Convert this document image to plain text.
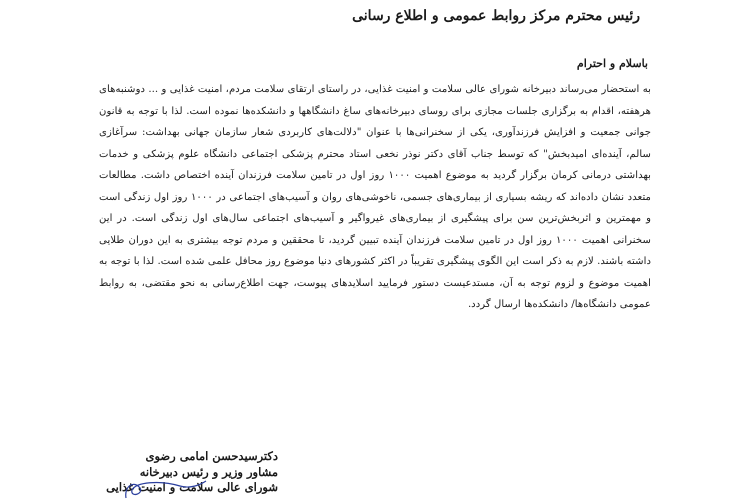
رئیس محترم مرکز روابط عمومی و اطلاع رسانی
باسلام و احترام

به استحضار می‌رساند دبیرخانه شورای عالی سلامت و امنیت غذایی، در راستای ارتقای سلامت مردم، امنیت غذایی و ... دوشنبه‌های هرهفته، اقدام به برگزاری جلسات مجازی برای روسای دبیرخانه‌های ساغ دانشگاهها و دانشکده‌ها نموده است. لذا با توجه به قانون جوانی جمعیت و افزایش فرزندآوری، یکی از سخنرانی‌ها با عنوان "دلالت‌های کاربردی شعار سازمان جهانی بهداشت: سرآغازی سالم، آینده‌ای امیدبخش" که توسط جناب آقای دکتر نوذر نخعی استاد محترم پزشکی اجتماعی دانشگاه علوم پزشکی و خدمات بهداشتی درمانی کرمان برگزار گردید به موضوع اهمیت ۱۰۰۰ روز اول در تامین سلامت فرزندان آینده اختصاص داشت. مطالعات متعدد نشان داده‌اند که ریشه بسیاری از بیماری‌های جسمی، ناخوشی‌های روان و آسیب‌های اجتماعی در ۱۰۰۰ روز اول زندگی است و مهمترین و اثربخش‌ترین سن برای پیشگیری از بیماری‌های غیرواگیر و آسیب‌های اجتماعی سال‌های اول زندگی است. در این سخنرانی اهمیت ۱۰۰۰ روز اول در تامین سلامت فرزندان آینده تبیین گردید، تا محققین و مردم توجه بیشتری به این دوران طلایی داشته باشند. لازم به ذکر است این الگوی پیشگیری تقریباً در اکثر کشورهای دنیا موضوع روز محافل علمی شده است. لذا با توجه به اهمیت موضوع و لزوم توجه به آن، مستدعیست دستور فرمایید اسلایدهای پیوست، جهت اطلاع‌رسانی به نحو مقتضی، به روابط عمومی دانشگاه‌ها/ دانشکده‌ها ارسال گردد.

دکترسیدحسن امامی رضوی
مشاور وزیر و رئیس دبیرخانه
شورای عالی سلامت و امنیت غذایی
